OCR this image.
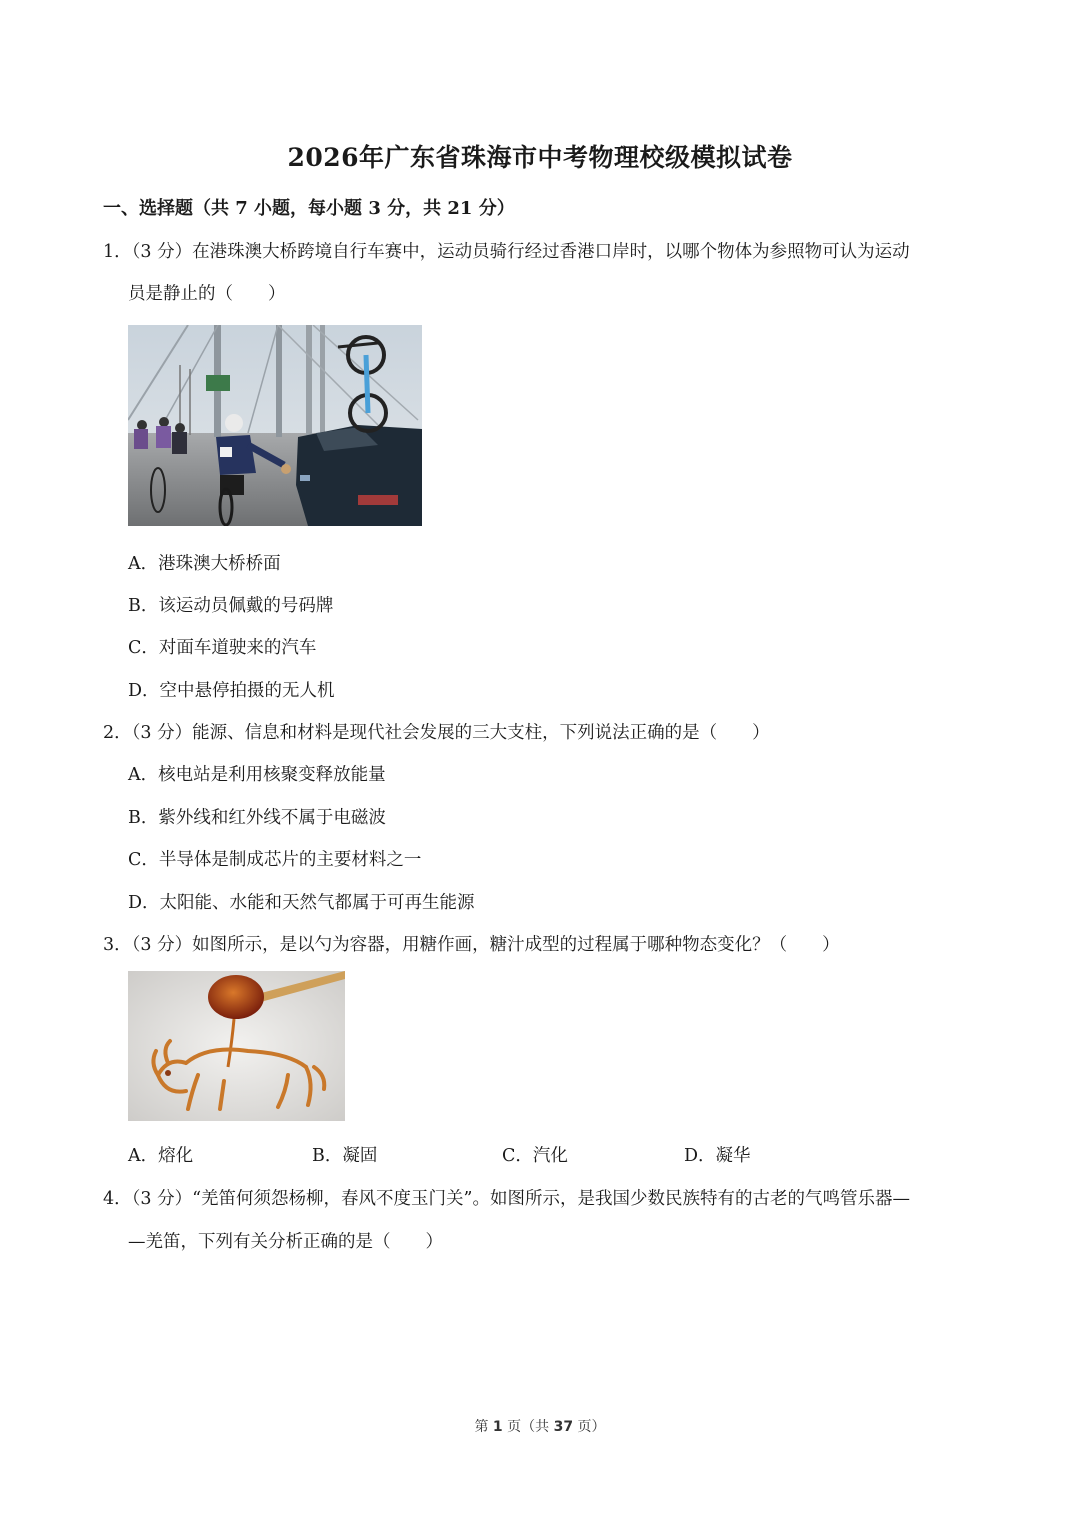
2026年广东省珠海市中考物理校级模拟试卷
一、选择题（共 7 小题，每小题 3 分，共 21 分）
1．（3 分）在港珠澳大桥跨境自行车赛中，运动员骑行经过香港口岸时，以哪个物体为参照物可认为运动
员是静止的（　　）
A．港珠澳大桥桥面
B．该运动员佩戴的号码牌
C．对面车道驶来的汽车
D．空中悬停拍摄的无人机
2．（3 分）能源、信息和材料是现代社会发展的三大支柱，下列说法正确的是（　　）
A．核电站是利用核聚变释放能量
B．紫外线和红外线不属于电磁波
C．半导体是制成芯片的主要材料之一
D．太阳能、水能和天然气都属于可再生能源
3．（3 分）如图所示，是以勺为容器，用糖作画，糖汁成型的过程属于哪种物态变化？（　　）
A．熔化	B．凝固	C．汽化	D．凝华
4．（3 分）“羌笛何须怨杨柳，春风不度玉门关”。如图所示，是我国少数民族特有的古老的气鸣管乐器—
—羌笛，下列有关分析正确的是（　　）
第 1 页（共 37 页）
